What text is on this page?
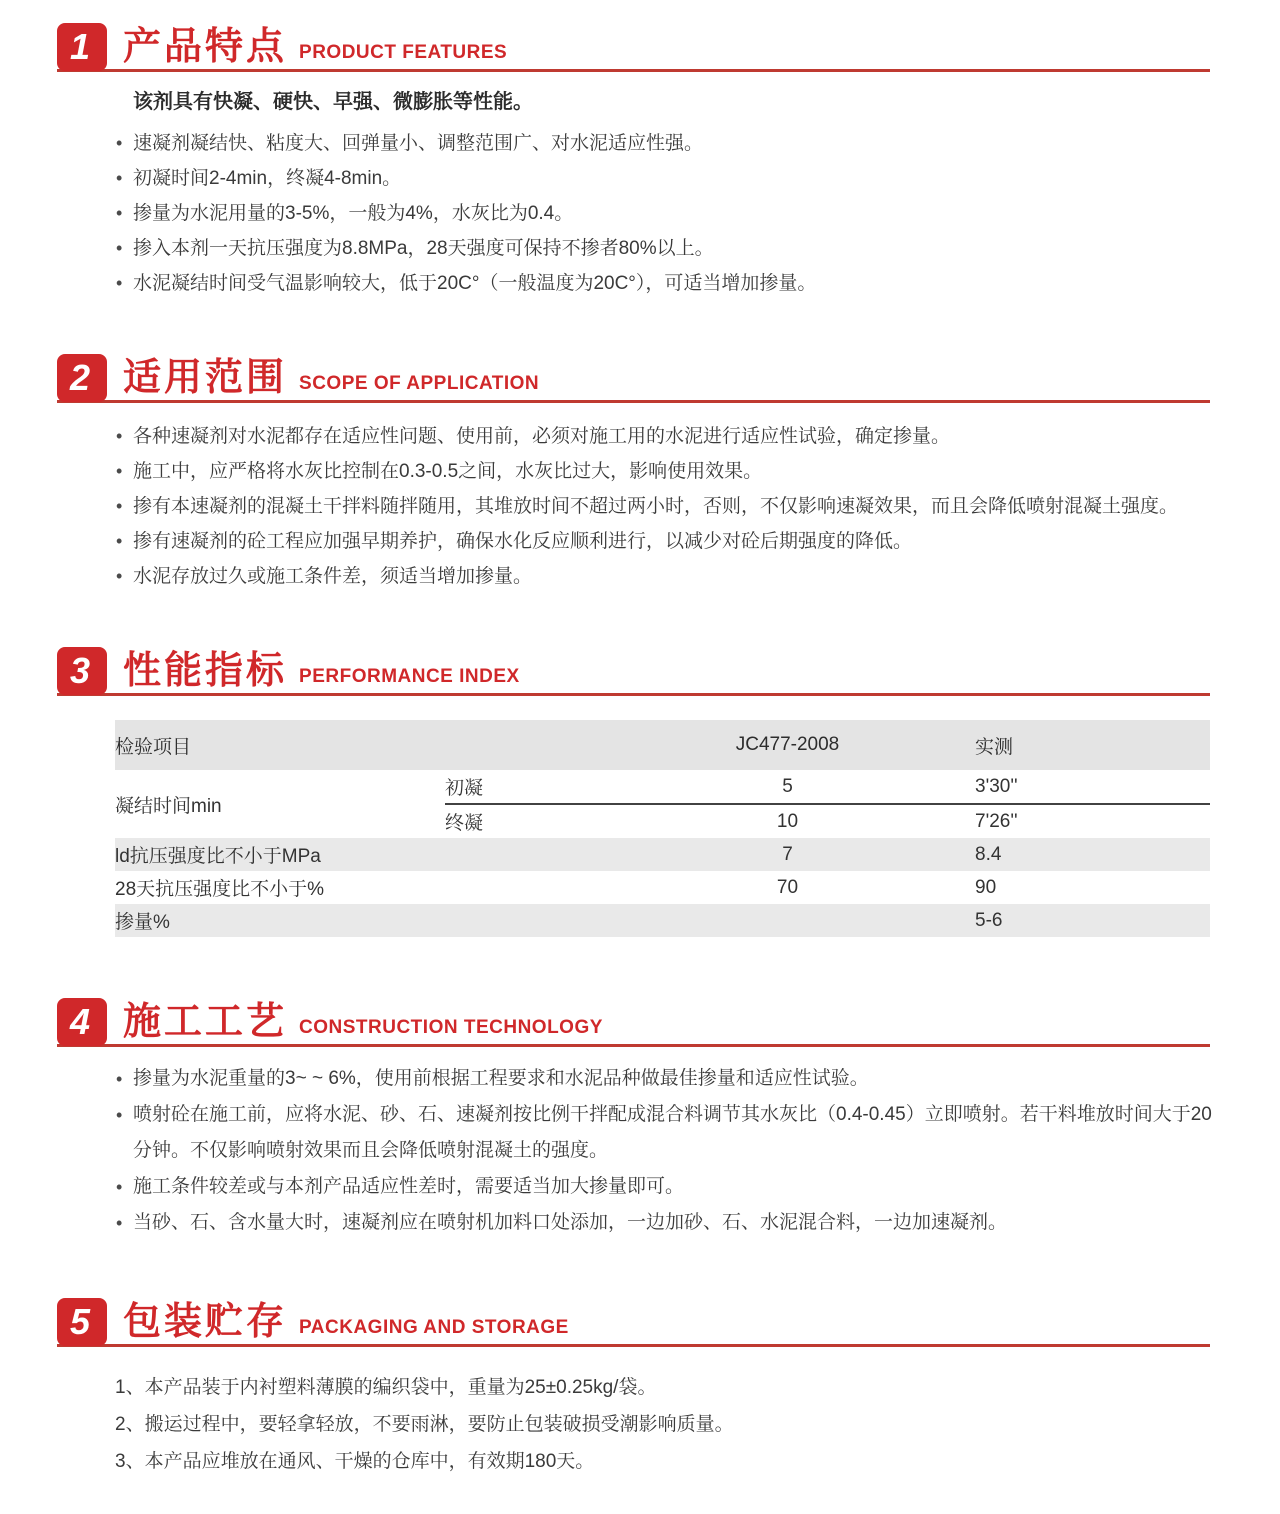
1 产品特点 PRODUCT FEATURES

该剂具有快凝、硬快、早强、微膨胀等性能。

• 速凝剂凝结快、粘度大、回弹量小、调整范围广、对水泥适应性强。
• 初凝时间2-4min，终凝4-8min。
• 掺量为水泥用量的3-5%，一般为4%，水灰比为0.4。
• 掺入本剂一天抗压强度为8.8MPa，28天强度可保持不掺者80%以上。
• 水泥凝结时间受气温影响较大，低于20C°（一般温度为20C°），可适当增加掺量。
2 适用范围 SCOPE OF APPLICATION
• 各种速凝剂对水泥都存在适应性问题、使用前，必须对施工用的水泥进行适应性试验，确定掺量。
• 施工中，应严格将水灰比控制在0.3-0.5之间，水灰比过大，影响使用效果。
• 掺有本速凝剂的混凝土干拌料随拌随用，其堆放时间不超过两小时，否则，不仅影响速凝效果，而且会降低喷射混凝土强度。
• 掺有速凝剂的砼工程应加强早期养护，确保水化反应顺利进行，以减少对砼后期强度的降低。
• 水泥存放过久或施工条件差，须适当增加掺量。
3 性能指标 PERFORMANCE INDEX
检验项目		JC477-2008	实测
凝结时间min	初凝	5	3'30''
	终凝	10	7'26''
ld抗压强度比不小于MPa		7	8.4
28天抗压强度比不小于%		70	90
掺量%			5-6
4 施工工艺 CONSTRUCTION TECHNOLOGY
• 掺量为水泥重量的3~ ~ 6%，使用前根据工程要求和水泥品种做最佳掺量和适应性试验。
• 喷射砼在施工前，应将水泥、砂、石、速凝剂按比例干拌配成混合料调节其水灰比（0.4-0.45）立即喷射。若干料堆放时间大于20分钟。不仅影响喷射效果而且会降低喷射混凝土的强度。
• 施工条件较差或与本剂产品适应性差时，需要适当加大掺量即可。
• 当砂、石、含水量大时，速凝剂应在喷射机加料口处添加，一边加砂、石、水泥混合料，一边加速凝剂。
5 包装贮存 PACKAGING AND STORAGE
1、本产品装于内衬塑料薄膜的编织袋中，重量为25±0.25kg/袋。
2、搬运过程中，要轻拿轻放，不要雨淋，要防止包装破损受潮影响质量。
3、本产品应堆放在通风、干燥的仓库中，有效期180天。
